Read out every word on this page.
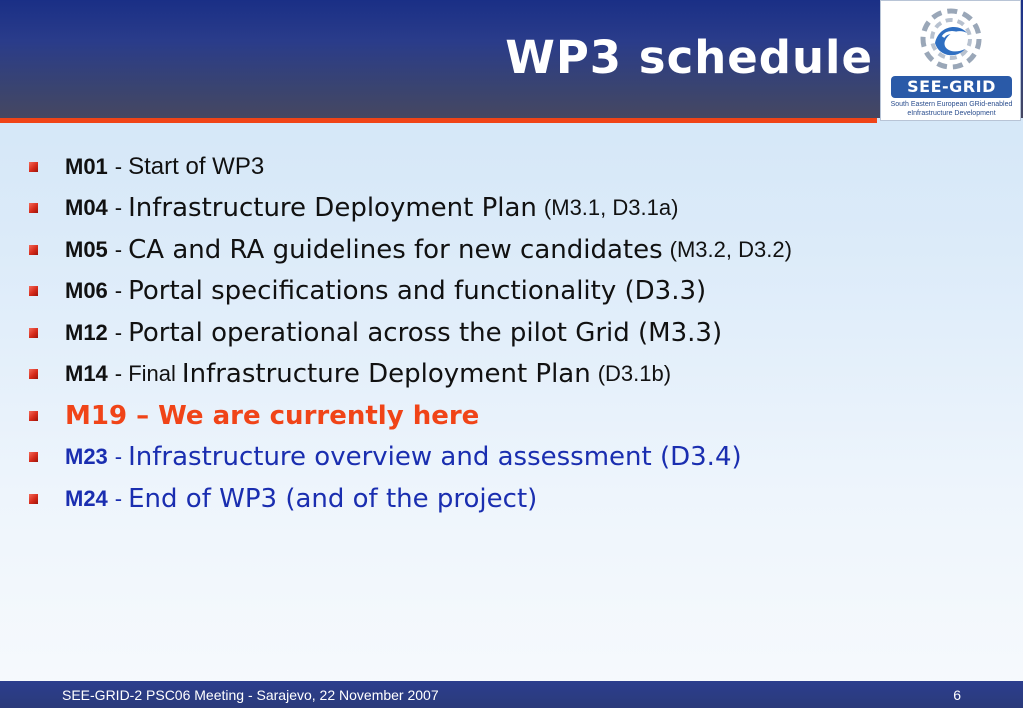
WP3 schedule
SEE-GRID
South Eastern European GRid-enabled eInfrastructure Development
M01 - Start of WP3
M04 - Infrastructure Deployment Plan (M3.1, D3.1a)
M05 - CA and RA guidelines for new candidates (M3.2, D3.2)
M06 - Portal specifications and functionality (D3.3)
M12 - Portal operational across the pilot Grid (M3.3)
M14 - Final Infrastructure Deployment Plan (D3.1b)
M19 – We are currently here
M23 - Infrastructure overview and assessment (D3.4)
M24 - End of WP3 (and of the project)
SEE-GRID-2 PSC06 Meeting - Sarajevo, 22 November 2007	6
